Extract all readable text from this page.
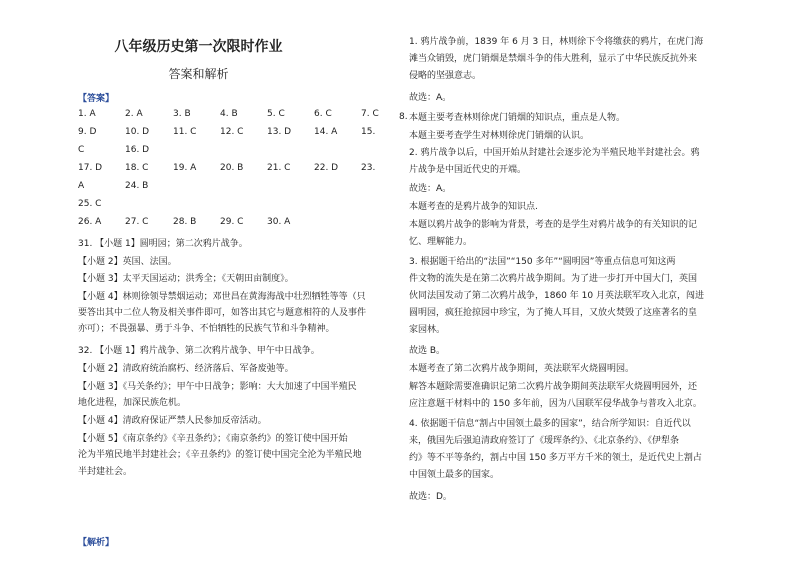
八年级历史第一次限时作业
答案和解析
【答案】
1. A	2. A	3. B	4. B	5. C	6. C	7. C
9. D	10. D	11. C	12. C	13. D	14. A	15.
C	16. D
17. D	18. C	19. A	20. B	21. C	22. D	23.
A	24. B
25. C
26. A	27. C	28. B	29. C	30. A
31. 【小题 1】圆明园；第二次鸦片战争。
【小题 2】英国、法国。
【小题 3】太平天国运动；洪秀全；《天朝田亩制度》。
【小题 4】林则徐领导禁烟运动；邓世昌在黄海海战中壮烈牺牲等等（只
要答出其中二位人物及相关事件即可，如答出其它与题意相符的人及事件
亦可）；不畏强暴、勇于斗争、不怕牺牲的民族气节和斗争精神。
32. 【小题 1】鸦片战争、第二次鸦片战争、甲午中日战争。
【小题 2】清政府统治腐朽、经济落后、军备废弛等。
【小题 3】《马关条约》；甲午中日战争；影响：大大加速了中国半殖民
地化进程，加深民族危机。
【小题 4】清政府保证严禁人民参加反帝活动。
【小题 5】《南京条约》《辛丑条约》；《南京条约》的签订使中国开始
沦为半殖民地半封建社会；《辛丑条约》的签订使中国完全沦为半殖民地
半封建社会。
【解析】
8.
1. 鸦片战争前，1839 年 6 月 3 日，林则徐下令将缴获的鸦片，在虎门海
滩当众销毁，虎门销烟是禁烟斗争的伟大胜利，显示了中华民族反抗外来
侵略的坚强意志。
故选：A。
本题主要考查林则徐虎门销烟的知识点，重点是人物。
本题主要考查学生对林则徐虎门销烟的认识。
2. 鸦片战争以后，中国开始从封建社会逐步沦为半殖民地半封建社会。鸦
片战争是中国近代史的开端。
故选：A。
本题考查的是鸦片战争的知识点.
本题以鸦片战争的影响为背景，考查的是学生对鸦片战争的有关知识的记
忆、理解能力。
3. 根据题干给出的“法国”“150 多年”“圆明园”等重点信息可知这两
件文物的流失是在第二次鸦片战争期间。为了进一步打开中国大门，英国
伙同法国发动了第二次鸦片战争，1860 年 10 月英法联军攻入北京，闯进
圆明园，疯狂抢掠园中珍宝，为了掩人耳目，又放火焚毁了这座著名的皇
家园林。
故选 B。
本题考查了第二次鸦片战争期间，英法联军火烧圆明园。
解答本题除需要准确识记第二次鸦片战争期间英法联军火烧圆明园外，还
应注意题干材料中的 150 多年前，因为八国联军侵华战争与普攻入北京。
4. 依据题干信息“割占中国领土最多的国家”，结合所学知识：自近代以
来，俄国先后强迫清政府签订了《瑷珲条约》、《北京条约》、《伊犁条
约》等不平等条约，割占中国 150 多万平方千米的领土，是近代史上割占
中国领土最多的国家。
故选：D。
